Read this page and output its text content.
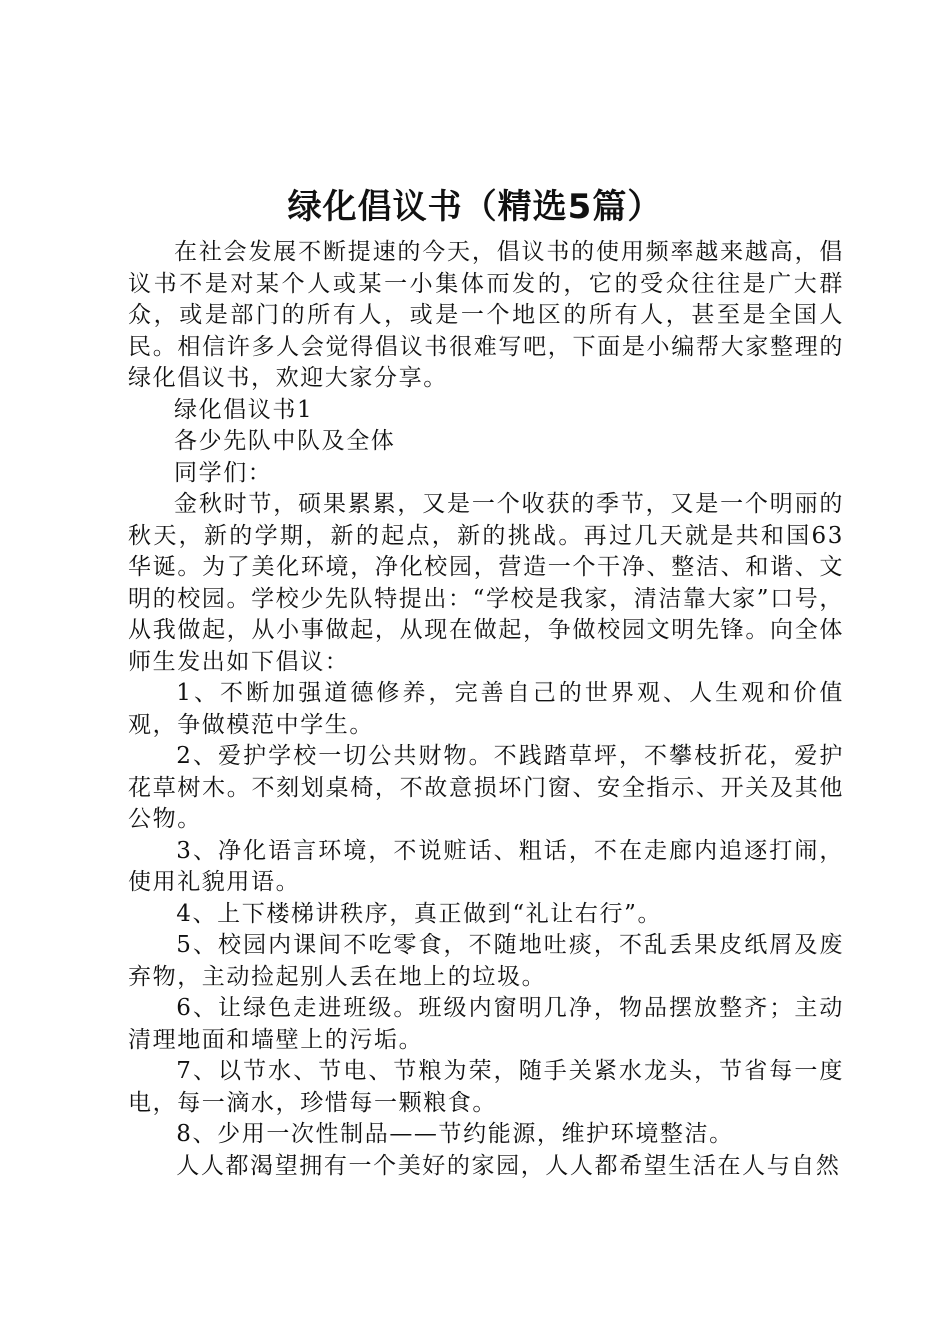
绿化倡议书（精选5篇）

在社会发展不断提速的今天，倡议书的使用频率越来越高，倡议书不是对某个人或某一小集体而发的，它的受众往往是广大群众，或是部门的所有人，或是一个地区的所有人，甚至是全国人民。相信许多人会觉得倡议书很难写吧，下面是小编帮大家整理的绿化倡议书，欢迎大家分享。

绿化倡议书1

各少先队中队及全体

同学们：

金秋时节，硕果累累，又是一个收获的季节，又是一个明丽的秋天，新的学期，新的起点，新的挑战。再过几天就是共和国63华诞。为了美化环境，净化校园，营造一个干净、整洁、和谐、文明的校园。学校少先队特提出：“学校是我家，清洁靠大家”口号，从我做起，从小事做起，从现在做起，争做校园文明先锋。向全体师生发出如下倡议：

1、不断加强道德修养，完善自己的世界观、人生观和价值观，争做模范中学生。

2、爱护学校一切公共财物。不践踏草坪，不攀枝折花，爱护花草树木。不刻划桌椅，不故意损坏门窗、安全指示、开关及其他公物。

3、净化语言环境，不说赃话、粗话，不在走廊内追逐打闹，使用礼貌用语。

4、上下楼梯讲秩序，真正做到“礼让右行”。

5、校园内课间不吃零食，不随地吐痰，不乱丢果皮纸屑及废弃物，主动捡起别人丢在地上的垃圾。

6、让绿色走进班级。班级内窗明几净，物品摆放整齐；主动清理地面和墙壁上的污垢。

7、以节水、节电、节粮为荣，随手关紧水龙头，节省每一度电，每一滴水，珍惜每一颗粮食。

8、少用一次性制品——节约能源，维护环境整洁。

人人都渴望拥有一个美好的家园，人人都希望生活在人与自然
